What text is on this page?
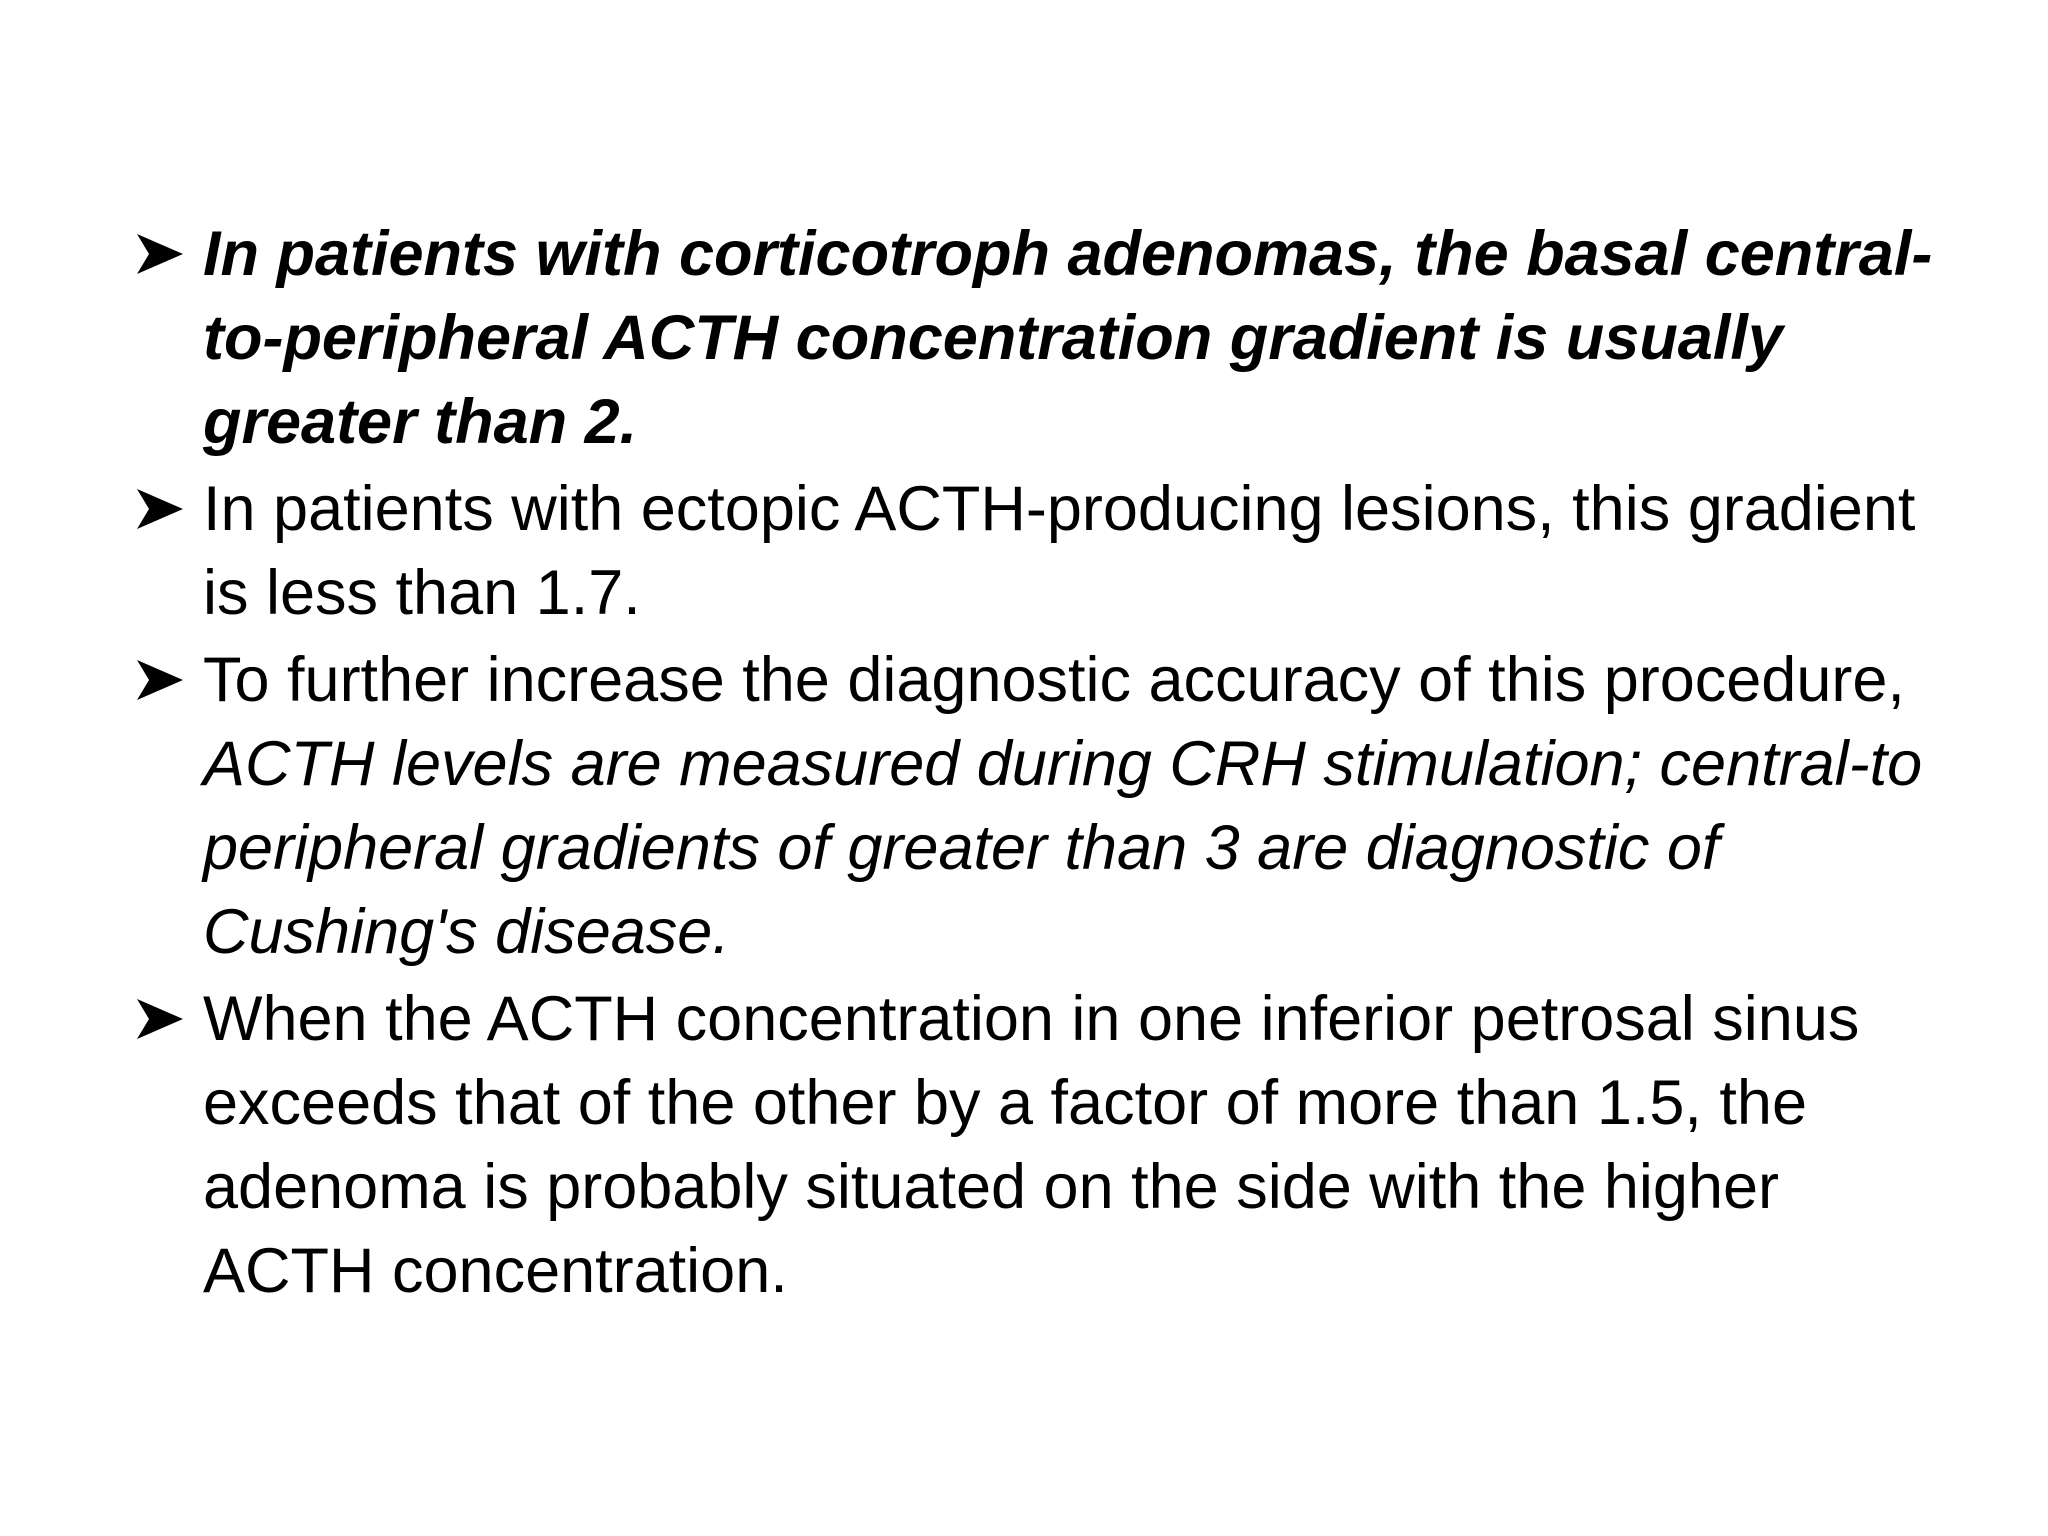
In patients with corticotroph adenomas, the basal central-to-peripheral ACTH concentration gradient is usually greater than 2.
In patients with ectopic ACTH-producing lesions, this gradient is less than 1.7.
To further increase the diagnostic accuracy of this procedure, ACTH levels are measured during CRH stimulation; central-to peripheral gradients of greater than 3 are diagnostic of Cushing's disease.
When the ACTH concentration in one inferior petrosal sinus exceeds that of the other by a factor of more than 1.5, the adenoma is probably situated on the side with the higher ACTH concentration.
